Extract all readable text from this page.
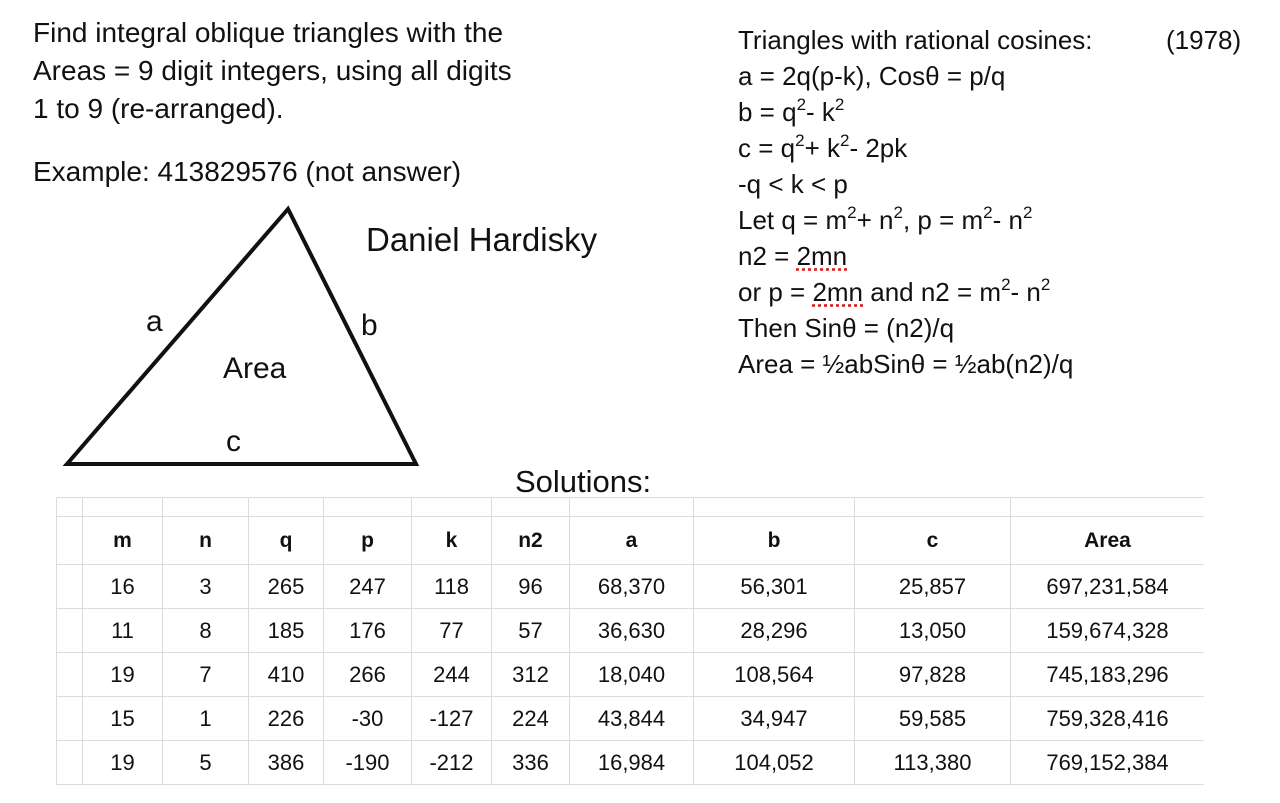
Find integral oblique triangles with the
Areas = 9 digit integers, using all digits
1 to 9 (re-arranged).
Example: 413829576 (not answer)
Daniel Hardisky
a	b
c
Area
Triangles with rational cosines:	(1978)
a = 2q(p-k), Cosθ = p/q
$b = q^2-$ $k^2$
$c = q^2+ k^2-$ 2pk
-q < k < p
Let $q = m^2+ n^2$, $p = m^2-$ $n^2$
n2 = 2mn
or p = 2mn and $n2 = m^2-$ $n^2$
Then Sinθ = (n2)/q
Area = ½abSinθ = ½ab(n2)/q
Solutions:

	m	n	q	p	k	n2	a	b	c	Area
	16	3	265	247	118	96	68,370	56,301	25,857	697,231,584
	11	8	185	176	77	57	36,630	28,296	13,050	159,674,328
	19	7	410	266	244	312	18,040	108,564	97,828	745,183,296
	15	1	226	-30	-127	224	43,844	34,947	59,585	759,328,416
	19	5	386	-190	-212	336	16,984	104,052	113,380	769,152,384
